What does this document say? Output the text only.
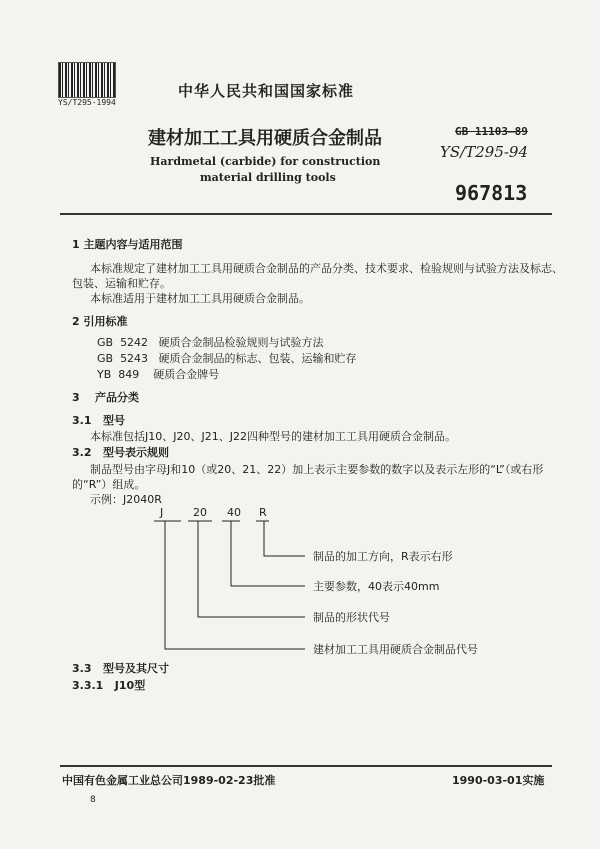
YS/T295-1994
中华人民共和国国家标准
建材加工工具用硬质合金制品
Hardmetal (carbide) for construction
material drilling tools
GB 11103—89
YS/T295-94
967813
1 主题内容与适用范围
本标准规定了建材加工工具用硬质合金制品的产品分类、技术要求、检验规则与试验方法及标志、
包装、运输和贮存。
本标准适用于建材加工工具用硬质合金制品。
2 引用标准
GB  5242   硬质合金制品检验规则与试验方法
GB  5243   硬质合金制品的标志、包装、运输和贮存
YB  849    硬质合金牌号
3    产品分类
3.1   型号
本标准包括J10、J20、J21、J22四种型号的建材加工工具用硬质合金制品。
3.2   型号表示规则
制品型号由字母J和10（或20、21、22）加上表示主要参数的数字以及表示左形的“L”（或右形
的“R”）组成。
示例：J2040R
J	20 40 R
制品的加工方向，R表示右形
主要参数，40表示40mm
制品的形状代号
建材加工工具用硬质合金制品代号
3.3   型号及其尺寸
3.3.1   J10型
中国有色金属工业总公司1989-02-23批准	1990-03-01实施
8
